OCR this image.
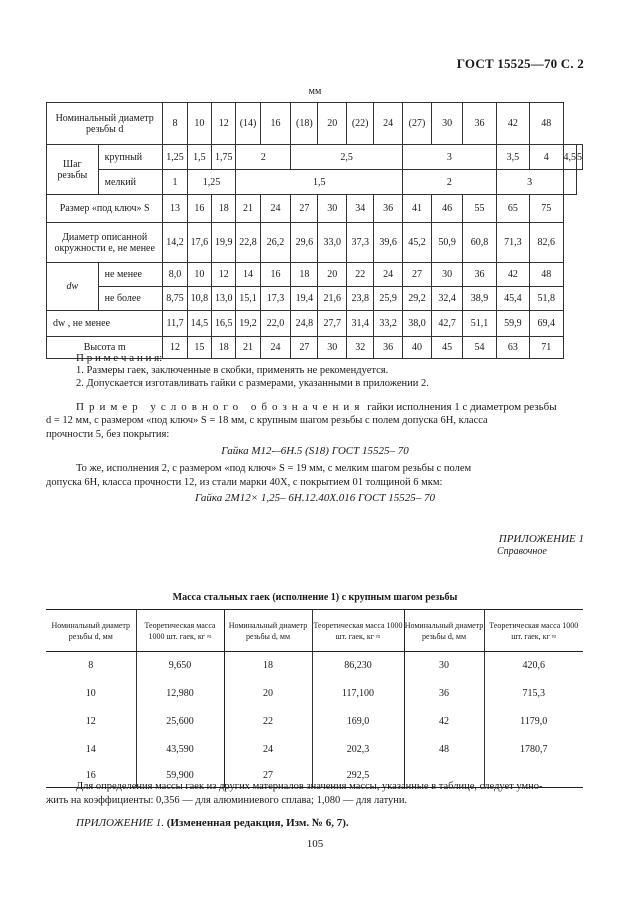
ГОСТ 15525—70 С. 2
мм
Номинальный диаметр резьбы d		8	10	12	(14)	16	(18)	20	(22)	24	(27)	30	36	42	48		
Шаг резьбы	крупный	1,25	1,5	1,75	2		2,5				3			3,5	4	4,5	5
	мелкий	1	1,25		1,5						2			3			
Размер «под ключ» S		13	16	18	21	24	27	30	34	36	41	46	55	65	75		
Диаметр описанной окружности e, не менее		14,2	17,6	19,9	22,8	26,2	29,6	33,0	37,3	39,6	45,2	50,9	60,8	71,3	82,6		
dw	не менее	8,0	10	12	14	16	18	20	22	24	27	30	36	42	48		
	не более	8,75	10,8	13,0	15,1	17,3	19,4	21,6	23,8	25,9	29,2	32,4	38,9	45,4	51,8		
dw , не менее		11,7	14,5	16,5	19,2	22,0	24,8	27,7	31,4	33,2	38,0	42,7	51,1	59,9	69,4		
Высота m		12	15	18	21	24	27	30	32	36	40	45	54	63	71		
П р и м е ч а н и я:
1. Размеры гаек, заключенные в скобки, применять не рекомендуется.
2. Допускается изготавливать гайки с размерами, указанными в приложении 2.
Пример условного обозначения гайки исполнения 1 с диаметром резьбы
d = 12 мм, с размером «под ключ» S = 18 мм, с крупным шагом резьбы с полем допуска 6Н, класса
прочности 5, без покрытия:
Гайка М12-–6Н.5 (S18) ГОСТ 15525– 70
То же, исполнения 2, с размером «под ключ» S = 19 мм, с мелким шагом резьбы с полем
допуска 6Н, класса прочности 12, из стали марки 40Х, с покрытием 01 толщиной 6 мкм:
Гайка 2М12× 1,25– 6Н.12.40Х.016 ГОСТ 15525– 70
ПРИЛОЖЕНИЕ 1
Справочное
Масса стальных гаек (исполнение 1) с крупным шагом резьбы
Номинальный диаметр резьбы d, мм	Теоретическая масса 1000 шт. гаек, кг ≈	Номинальный диаметр резьбы d, мм	Теоретическая масса 1000 шт. гаек, кг ≈	Номинальный диаметр резьбы d, мм	Теоретическая масса 1000 шт. гаек, кг ≈
8	9,650	18	86,230	30	420,6
10	12,980	20	117,100	36	715,3
12	25,600	22	169,0	42	1179,0
14	43,590	24	202,3	48	1780,7
16	59,900	27	292,5		
Для определения массы гаек из других материалов значения массы, указанные в таблице, следует умно-
жить на коэффициенты: 0,356 — для алюминиевого сплава; 1,080 — для латуни.
ПРИЛОЖЕНИЕ 1. (Измененная редакция, Изм. № 6, 7).
105
